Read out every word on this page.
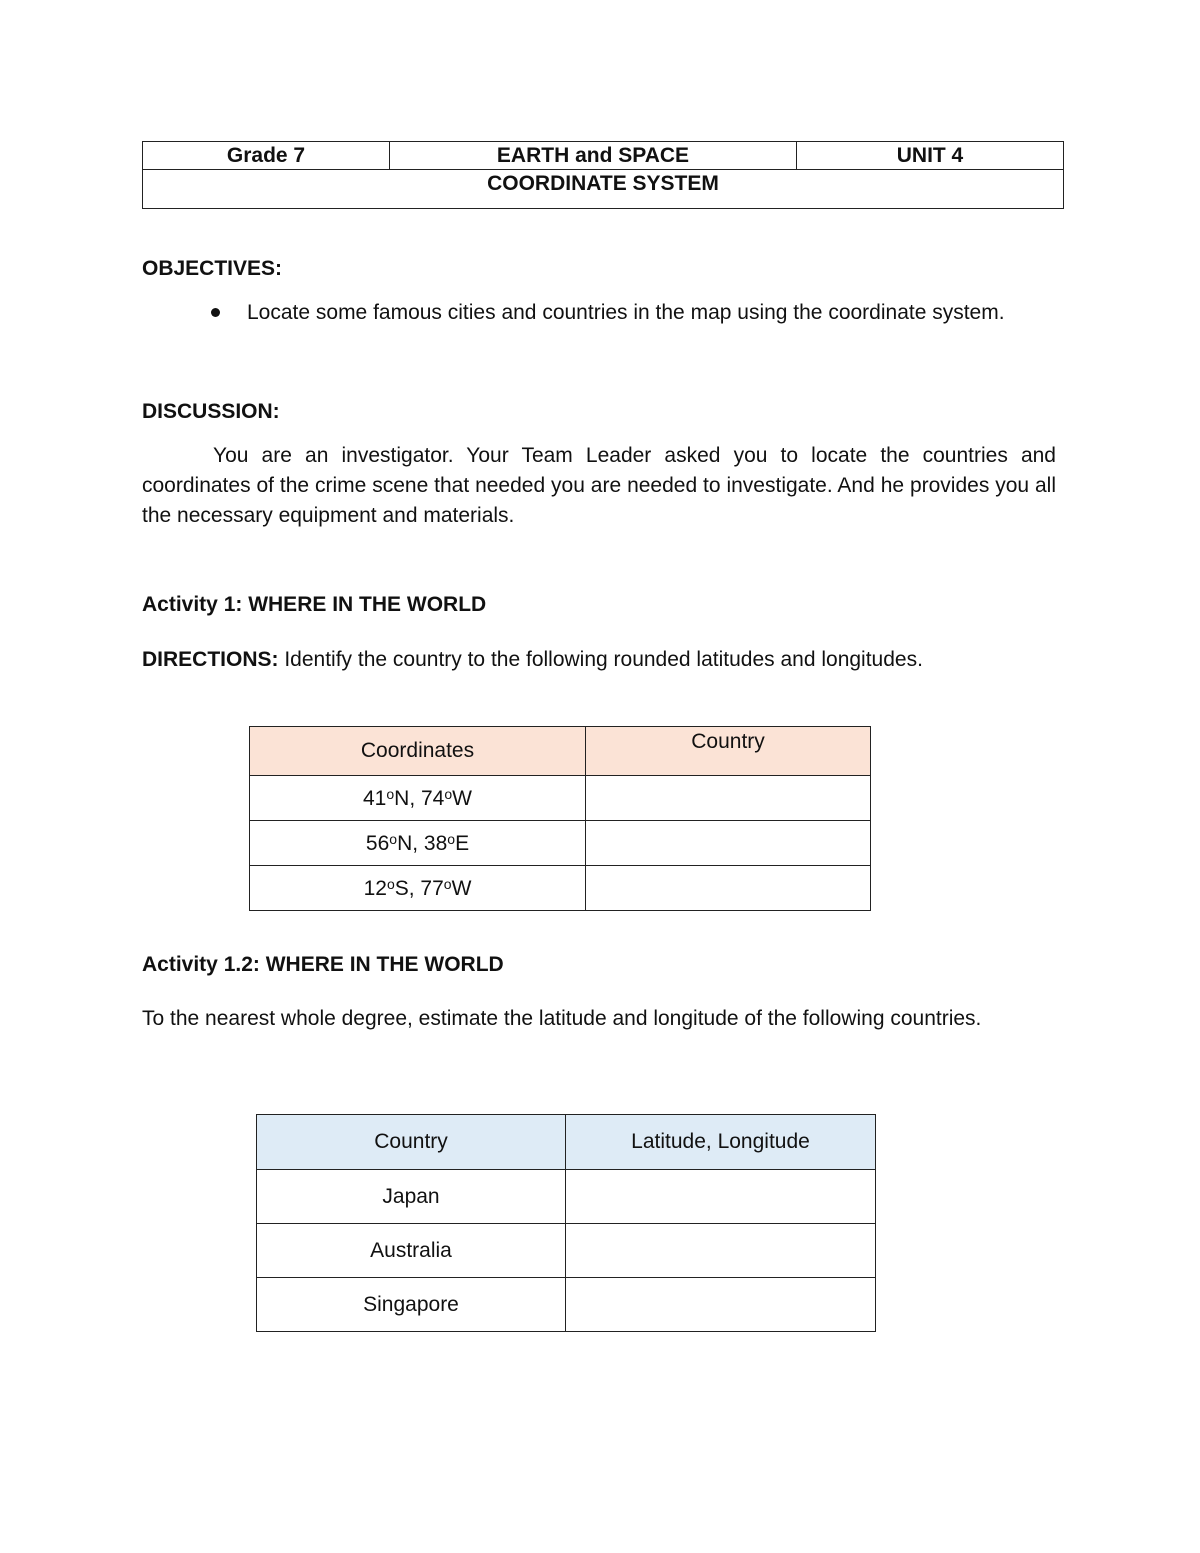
Grade 7	EARTH and SPACE	UNIT 4
COORDINATE SYSTEM
OBJECTIVES:
Locate some famous cities and countries in the map using the coordinate system.
DISCUSSION:
You are an investigator. Your Team Leader asked you to locate the countries and coordinates of the crime scene that needed you are needed to investigate. And he provides you all the necessary equipment and materials.
Activity 1: WHERE IN THE WORLD
DIRECTIONS: Identify the country to the following rounded latitudes and longitudes.
Coordinates	Country
41$^o$N, 74$^o$W	
56$^o$N, 38$^o$E	
12$^o$S, 77$^o$W	
Activity 1.2: WHERE IN THE WORLD
To the nearest whole degree, estimate the latitude and longitude of the following countries.
Country	Latitude, Longitude
Japan	
Australia	
Singapore	
